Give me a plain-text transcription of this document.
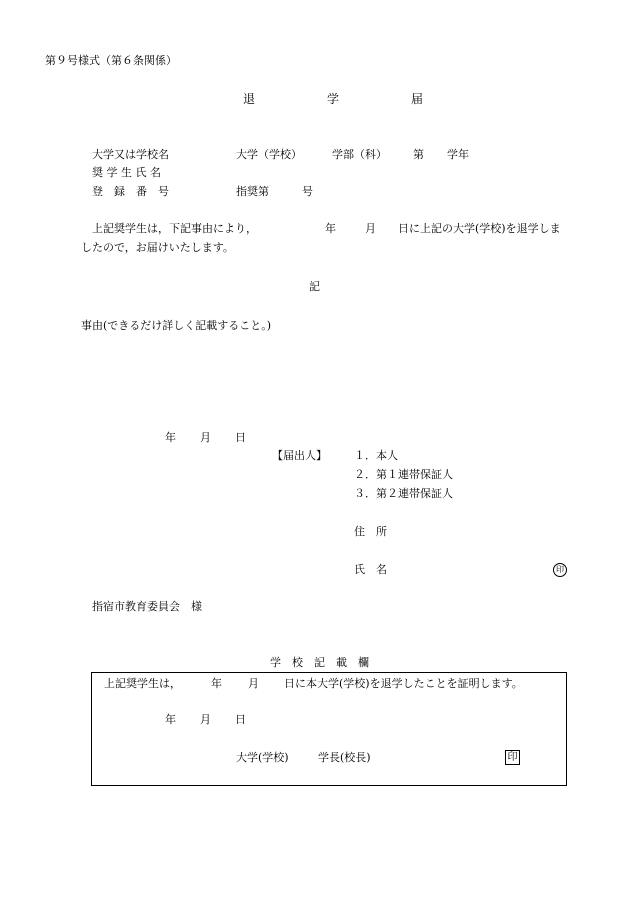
第９号様式（第６条関係）
退　　　　　　学　　　　　　届
大学又は学校名	大学（学校）	学部（科） 第 学年
奨 学 生 氏 名
登　録　番　号	指奨第	号
上記奨学生は，下記事由により，	年	月 日に上記の大学(学校)を退学しま
したので，お届けいたします。
記
事由(できるだけ詳しく記載すること。)
年 月 日
【届出人】 １．本人
２．第１連帯保証人
３．第２連帯保証人
住　所
氏　名	印
指宿市教育委員会　様
学　校　記　載　欄
上記奨学生は，	年 月 日に本大学(学校)を退学したことを証明します。
年 月 日
大学(学校)	学長(校長)	印
